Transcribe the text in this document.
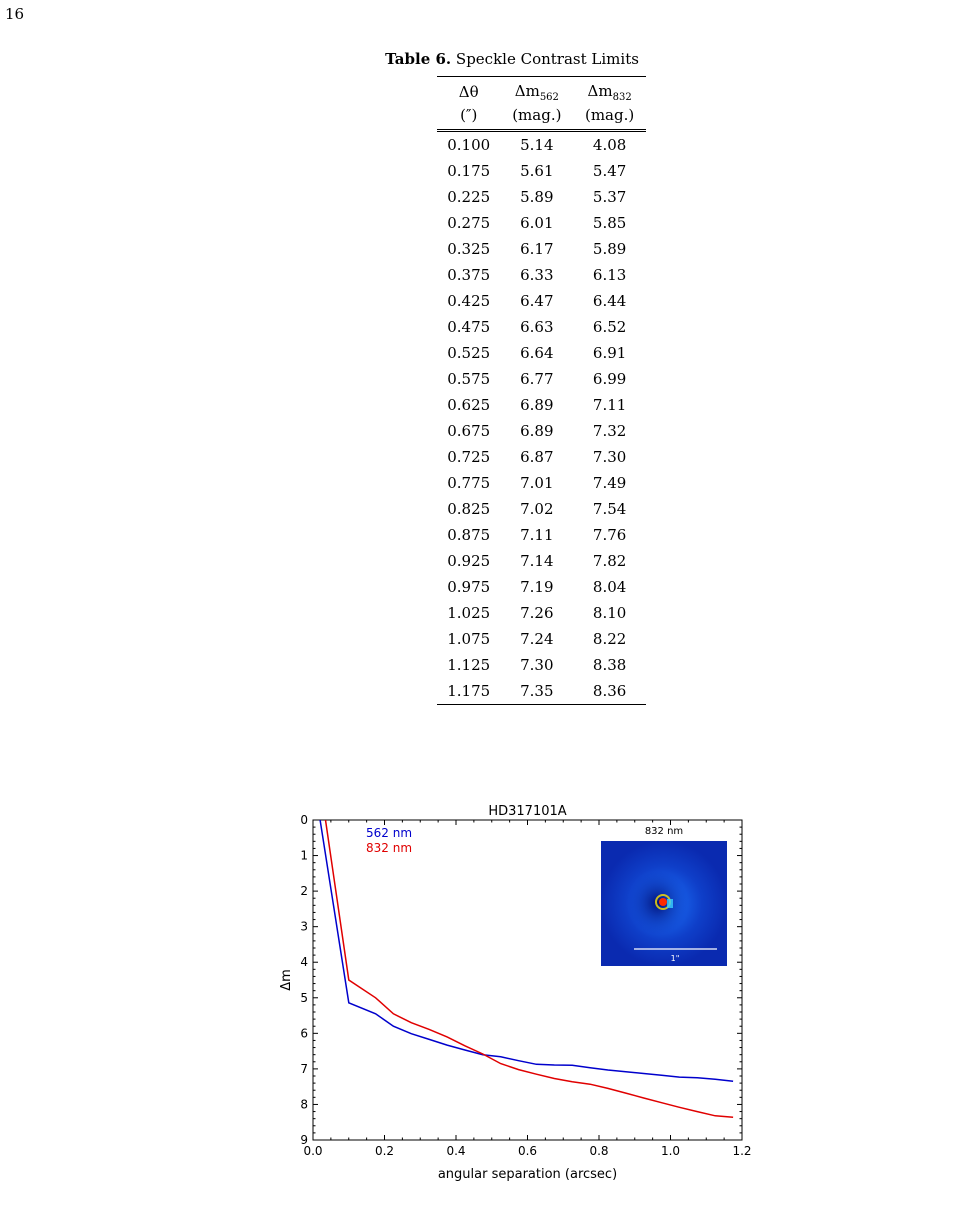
16
Table 6. Speckle Contrast Limits
Δθ	$\Delta m_{562}$	$\Delta m_{832}$
(″)	(mag.)	(mag.)
0.100	5.14	4.08
0.175	5.61	5.47
0.225	5.89	5.37
0.275	6.01	5.85
0.325	6.17	5.89
0.375	6.33	6.13
0.425	6.47	6.44
0.475	6.63	6.52
0.525	6.64	6.91
0.575	6.77	6.99
0.625	6.89	7.11
0.675	6.89	7.32
0.725	6.87	7.30
0.775	7.01	7.49
0.825	7.02	7.54
0.875	7.11	7.76
0.925	7.14	7.82
0.975	7.19	8.04
1.025	7.26	8.10
1.075	7.24	8.22
1.125	7.30	8.38
1.175	7.35	8.36
HD317101A
0.0	0.2	0.4	0.6	0.8	1.0	1.2
0
1
2
3
4
5
6
7
8
9
562 nm
832 nm
angular separation (arcsec)
Δm
832 nm
1"
